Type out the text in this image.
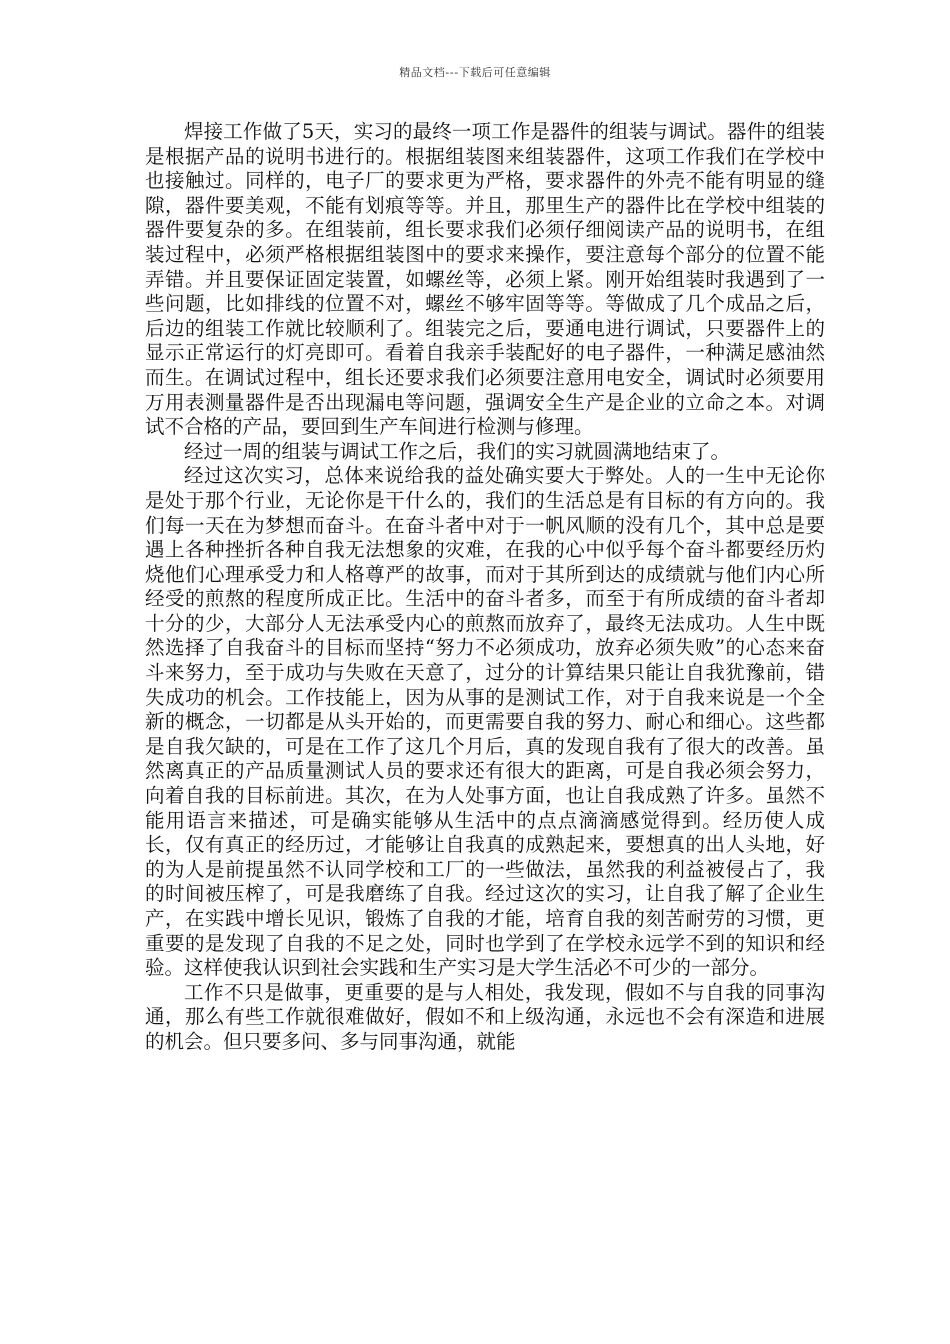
精品文档---下载后可任意编辑

焊接工作做了5天，实习的最终一项工作是器件的组装与调试。器件的组装是根据产品的说明书进行的。根据组装图来组装器件，这项工作我们在学校中也接触过。同样的，电子厂的要求更为严格，要求器件的外壳不能有明显的缝隙，器件要美观，不能有划痕等等。并且，那里生产的器件比在学校中组装的器件要复杂的多。在组装前，组长要求我们必须仔细阅读产品的说明书，在组装过程中，必须严格根据组装图中的要求来操作，要注意每个部分的位置不能弄错。并且要保证固定装置，如螺丝等，必须上紧。刚开始组装时我遇到了一些问题，比如排线的位置不对，螺丝不够牢固等等。等做成了几个成品之后，后边的组装工作就比较顺利了。组装完之后，要通电进行调试，只要器件上的显示正常运行的灯亮即可。看着自我亲手装配好的电子器件，一种满足感油然而生。在调试过程中，组长还要求我们必须要注意用电安全，调试时必须要用万用表测量器件是否出现漏电等问题，强调安全生产是企业的立命之本。对调试不合格的产品，要回到生产车间进行检测与修理。

经过一周的组装与调试工作之后，我们的实习就圆满地结束了。

经过这次实习，总体来说给我的益处确实要大于弊处。人的一生中无论你是处于那个行业，无论你是干什么的，我们的生活总是有目标的有方向的。我们每一天在为梦想而奋斗。在奋斗者中对于一帆风顺的没有几个，其中总是要遇上各种挫折各种自我无法想象的灾难，在我的心中似乎每个奋斗都要经历灼烧他们心理承受力和人格尊严的故事，而对于其所到达的成绩就与他们内心所经受的煎熬的程度所成正比。生活中的奋斗者多，而至于有所成绩的奋斗者却十分的少，大部分人无法承受内心的煎熬而放弃了，最终无法成功。人生中既然选择了自我奋斗的目标而坚持“努力不必须成功，放弃必须失败”的心态来奋斗来努力，至于成功与失败在天意了，过分的计算结果只能让自我犹豫前，错失成功的机会。工作技能上，因为从事的是测试工作，对于自我来说是一个全新的概念，一切都是从头开始的，而更需要自我的努力、耐心和细心。这些都是自我欠缺的，可是在工作了这几个月后，真的发现自我有了很大的改善。虽然离真正的产品质量测试人员的要求还有很大的距离，可是自我必须会努力，向着自我的目标前进。其次，在为人处事方面，也让自我成熟了许多。虽然不能用语言来描述，可是确实能够从生活中的点点滴滴感觉得到。经历使人成长，仅有真正的经历过，才能够让自我真的成熟起来，要想真的出人头地，好的为人是前提虽然不认同学校和工厂的一些做法，虽然我的利益被侵占了，我的时间被压榨了，可是我磨练了自我。经过这次的实习，让自我了解了企业生产，在实践中增长见识，锻炼了自我的才能，培育自我的刻苦耐劳的习惯，更重要的是发现了自我的不足之处，同时也学到了在学校永远学不到的知识和经验。这样使我认识到社会实践和生产实习是大学生活必不可少的一部分。

工作不只是做事，更重要的是与人相处，我发现，假如不与自我的同事沟通，那么有些工作就很难做好，假如不和上级沟通，永远也不会有深造和进展的机会。但只要多问、多与同事沟通，就能
